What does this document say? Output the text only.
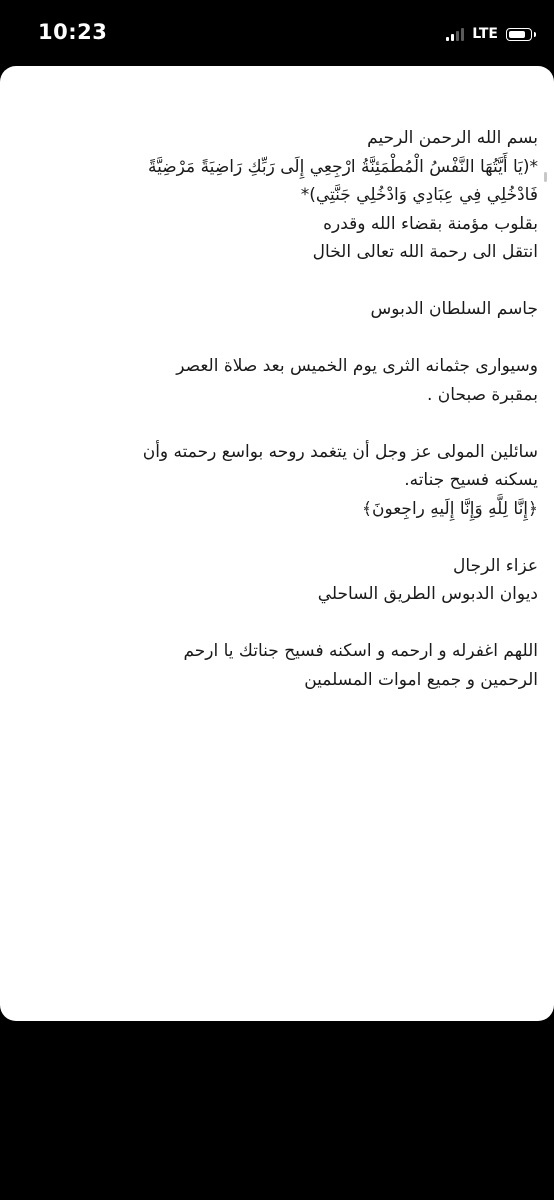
10:23	LTE
بسم الله الرحمن الرحيم
*(يَا أَيَّتُهَا النَّفْسُ الْمُطْمَئِنَّةُ ارْجِعِي إِلَى رَبِّكِ رَاضِيَةً مَرْضِيَّةً
فَادْخُلِي فِي عِبَادِي وَادْخُلِي جَنَّتِي)*
بقلوب مؤمنة بقضاء الله وقدره
انتقل الى رحمة الله تعالى الخال
جاسم السلطان الدبوس
وسيوارى جثمانه الثرى يوم الخميس بعد صلاة العصر
بمقبرة صبحان .
سائلين المولى عز وجل أن يتغمد روحه بواسع رحمته وأن
يسكنه فسيح جناته.
﴿إِنَّا لِلَّهِ وَإِنَّا إِلَيهِ راجِعونَ﴾
عزاء الرجال
ديوان الدبوس الطريق الساحلي
اللهم اغفرله و ارحمه و اسكنه فسيح جناتك يا ارحم
الرحمين و جميع اموات المسلمين
